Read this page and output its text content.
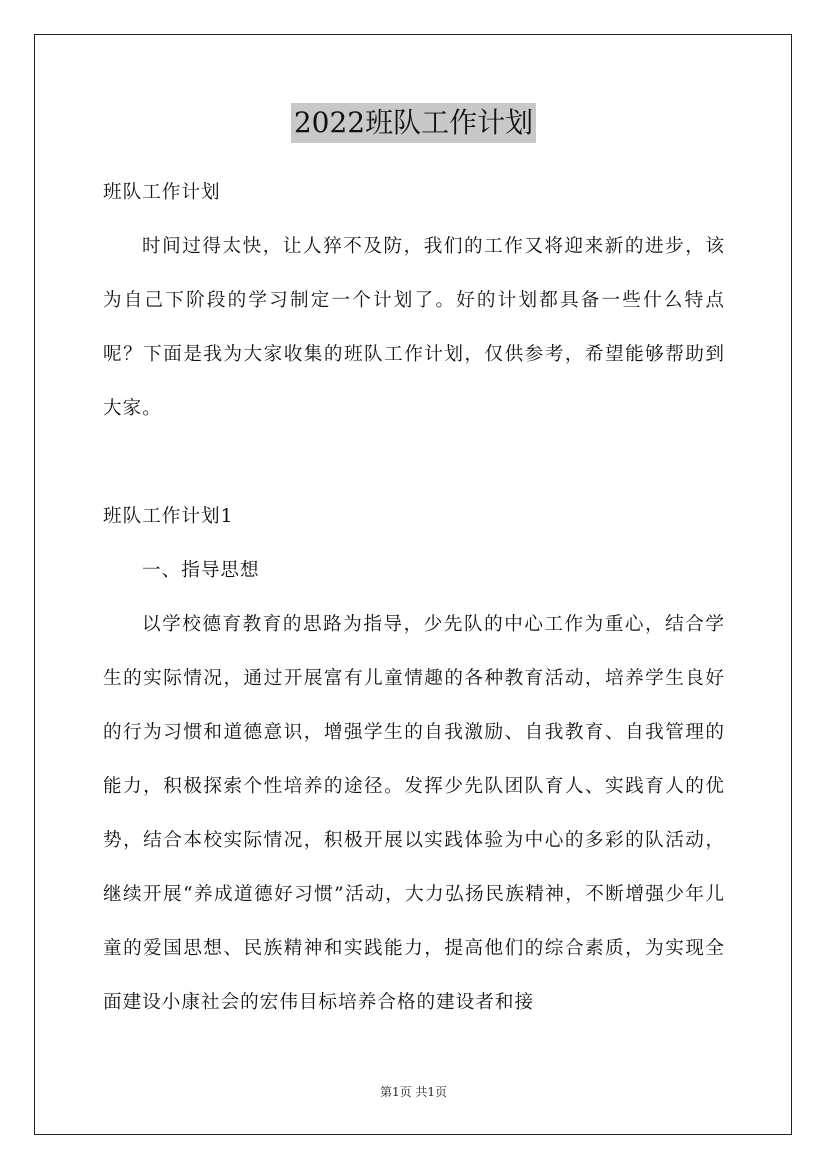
2022班队工作计划

班队工作计划

时间过得太快，让人猝不及防，我们的工作又将迎来新的进步，该为自己下阶段的学习制定一个计划了。好的计划都具备一些什么特点呢？下面是我为大家收集的班队工作计划，仅供参考，希望能够帮助到大家。

班队工作计划1

一、指导思想

以学校德育教育的思路为指导，少先队的中心工作为重心，结合学生的实际情况，通过开展富有儿童情趣的各种教育活动，培养学生良好的行为习惯和道德意识，增强学生的自我激励、自我教育、自我管理的能力，积极探索个性培养的途径。发挥少先队团队育人、实践育人的优势，结合本校实际情况，积极开展以实践体验为中心的多彩的队活动，继续开展“养成道德好习惯”活动，大力弘扬民族精神，不断增强少年儿童的爱国思想、民族精神和实践能力，提高他们的综合素质，为实现全面建设小康社会的宏伟目标培养合格的建设者和接

第1页 共1页
